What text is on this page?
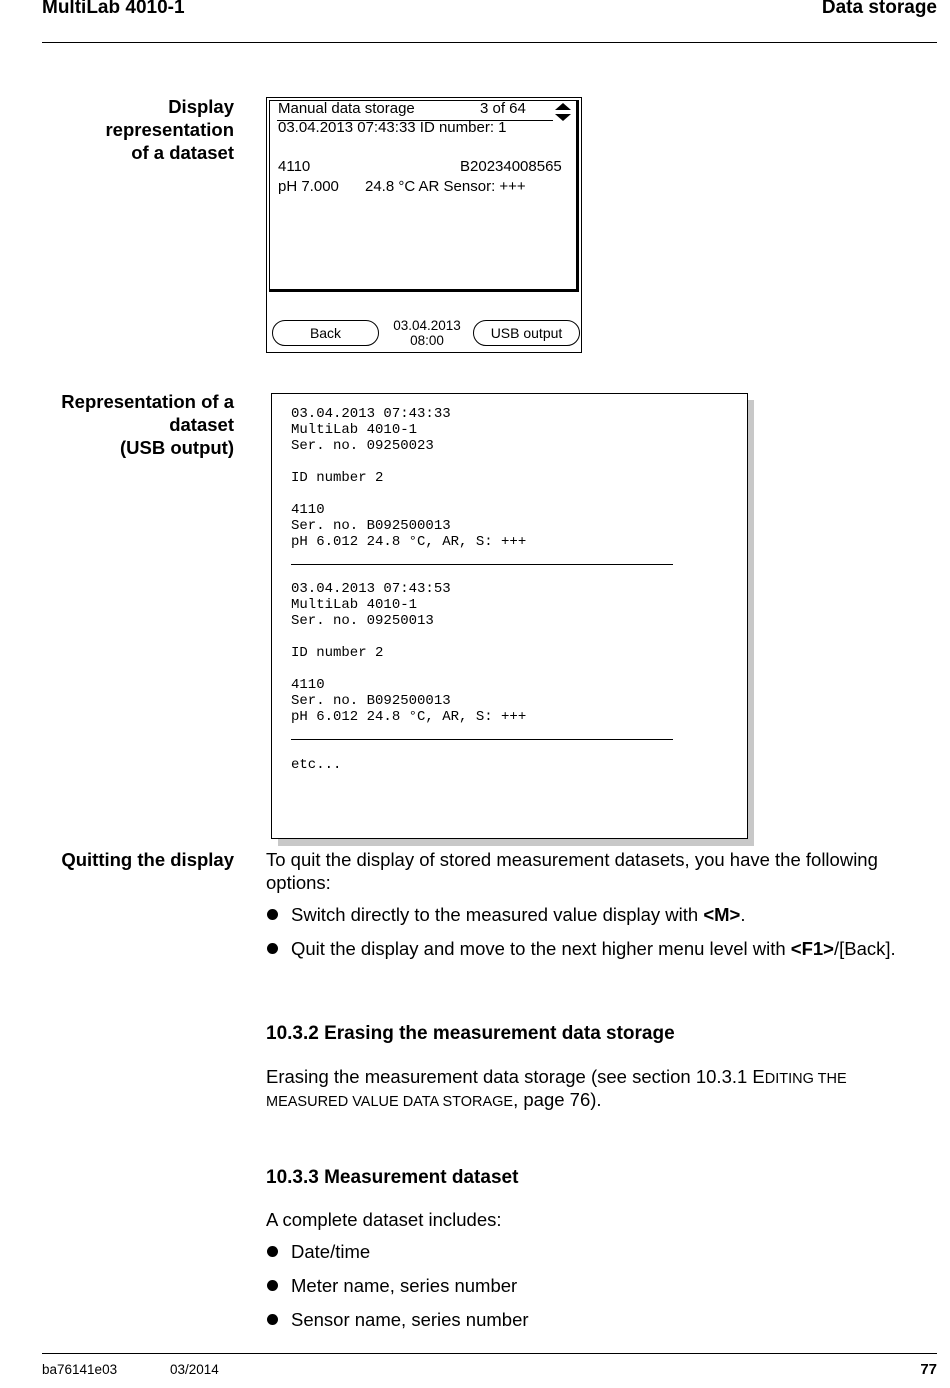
MultiLab 4010-1	Data storage
Display
representation
of a dataset
Manual data storage	3 of 64
03.04.2013 07:43:33 ID number: 1
4110	B20234008565
pH 7.000 24.8 °C AR Sensor: +++
Back	03.04.2013
08:00	USB output
Representation of a
dataset
(USB output)
03.04.2013 07:43:33
MultiLab 4010-1
Ser. no. 09250023
ID number 2
4110
Ser. no. B092500013
pH 6.012 24.8 °C, AR, S: +++
03.04.2013 07:43:53
MultiLab 4010-1
Ser. no. 09250013
ID number 2
4110
Ser. no. B092500013
pH 6.012 24.8 °C, AR, S: +++
etc...
Quitting the display To quit the display of stored measurement datasets, you have the following
options:
Switch directly to the measured value display with <M>.
Quit the display and move to the next higher menu level with <F1>/[Back].
10.3.2 Erasing the measurement data storage
Erasing the measurement data storage (see section 10.3.1 EDITING THE
MEASURED VALUE DATA STORAGE, page 76).
10.3.3 Measurement dataset
A complete dataset includes:
Date/time
Meter name, series number
Sensor name, series number
ba76141e03	03/2014	77
